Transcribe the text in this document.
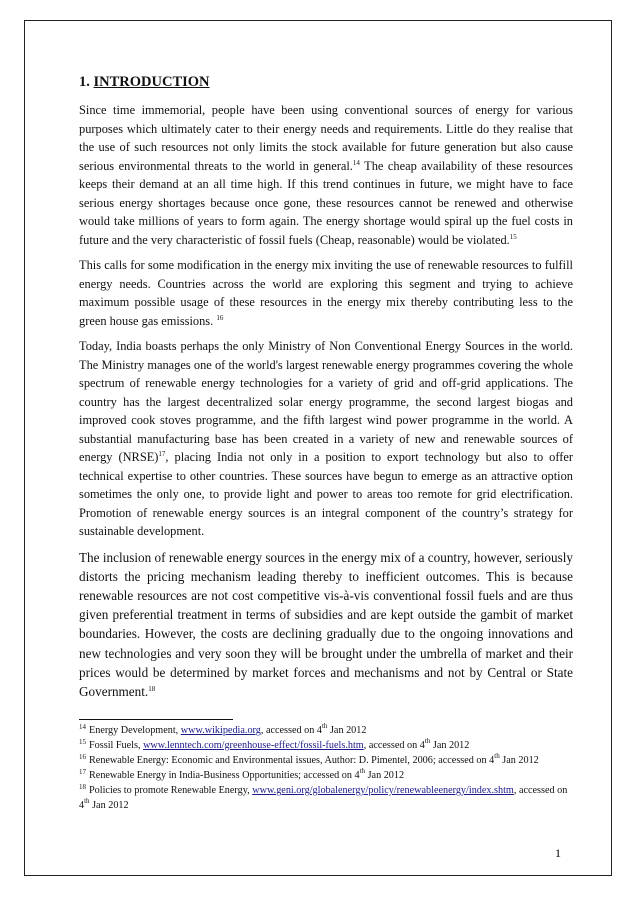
1. INTRODUCTION

Since time immemorial, people have been using conventional sources of energy for various purposes which ultimately cater to their energy needs and requirements. Little do they realise that the use of such resources not only limits the stock available for future generation but also cause serious environmental threats to the world in general.$^{14}$ The cheap availability of these resources keeps their demand at an all time high. If this trend continues in future, we might have to face serious energy shortages because once gone, these resources cannot be renewed and otherwise would take millions of years to form again. The energy shortage would spiral up the fuel costs in future and the very characteristic of fossil fuels (Cheap, reasonable) would be violated.$^{15}$

This calls for some modification in the energy mix inviting the use of renewable resources to fulfill energy needs. Countries across the world are exploring this segment and trying to achieve maximum possible usage of these resources in the energy mix thereby contributing less to the green house gas emissions. $^{16}$

Today, India boasts perhaps the only Ministry of Non Conventional Energy Sources in the world. The Ministry manages one of the world's largest renewable energy programmes covering the whole spectrum of renewable energy technologies for a variety of grid and off-grid applications. The country has the largest decentralized solar energy programme, the second largest biogas and improved cook stoves programme, and the fifth largest wind power programme in the world. A substantial manufacturing base has been created in a variety of new and renewable sources of energy (NRSE)$^{17}$, placing India not only in a position to export technology but also to offer technical expertise to other countries. These sources have begun to emerge as an attractive option sometimes the only one, to provide light and power to areas too remote for grid electrification. Promotion of renewable energy sources is an integral component of the country’s strategy for sustainable development.

The inclusion of renewable energy sources in the energy mix of a country, however, seriously distorts the pricing mechanism leading thereby to inefficient outcomes. This is because renewable resources are not cost competitive vis-à-vis conventional fossil fuels and are thus given preferential treatment in terms of subsidies and are kept outside the gambit of market boundaries. However, the costs are declining gradually due to the ongoing innovations and new technologies and very soon they will be brought under the umbrella of market and their prices would be determined by market forces and mechanisms and not by Central or State Government.$^{18}$

$^{14}$ Energy Development, www.wikipedia.org, accessed on 4th Jan 2012

$^{15}$ Fossil Fuels, www.lenntech.com/greenhouse-effect/fossil-fuels.htm, accessed on 4th Jan 2012

$^{16}$ Renewable Energy: Economic and Environmental issues, Author: D. Pimentel, 2006; accessed on 4th Jan 2012

$^{17}$ Renewable Energy in India-Business Opportunities; accessed on 4th Jan 2012

$^{18}$ Policies to promote Renewable Energy, www.geni.org/globalenergy/policy/renewableenergy/index.shtm, accessed on 4th Jan 2012

1
